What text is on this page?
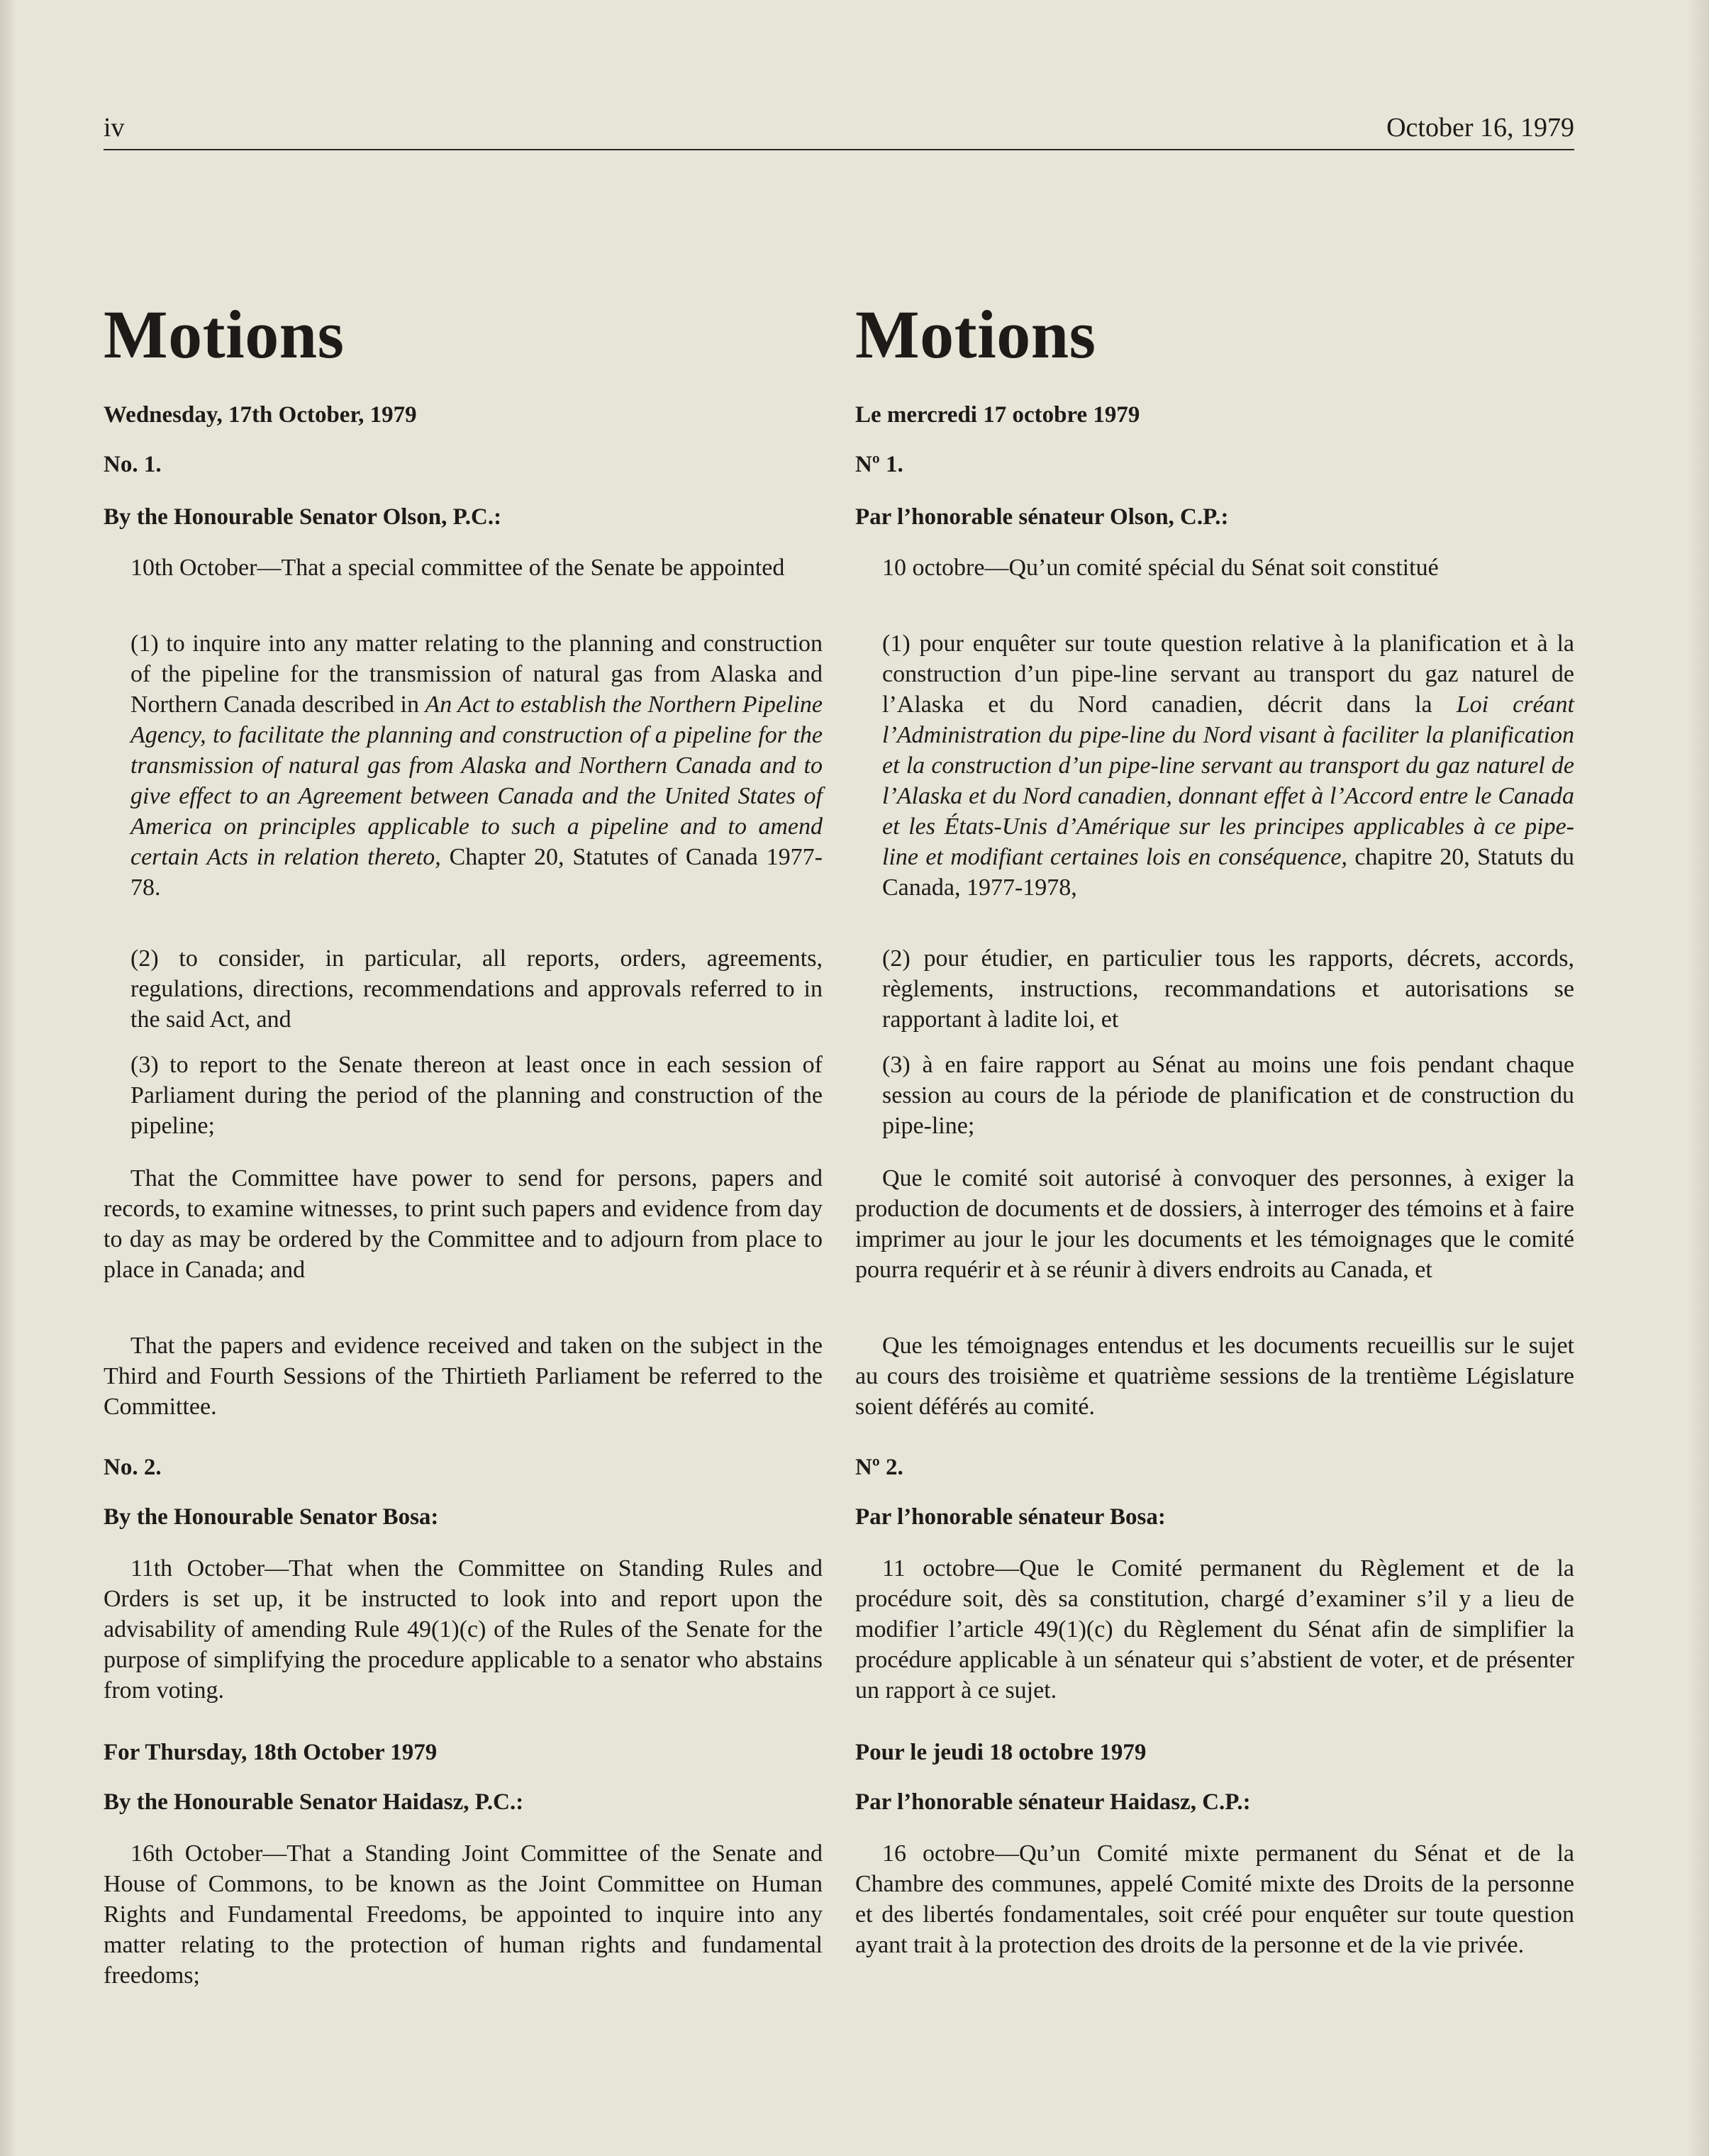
iv	October 16, 1979
Motions
Wednesday, 17th October, 1979
No. 1.
By the Honourable Senator Olson, P.C.:

10th October—That a special committee of the Senate be appointed

(1) to inquire into any matter relating to the planning and construction of the pipeline for the transmission of natural gas from Alaska and Northern Canada described in An Act to establish the Northern Pipeline Agency, to facilitate the planning and construction of a pipeline for the transmission of natural gas from Alaska and Northern Canada and to give effect to an Agreement between Canada and the United States of America on principles applicable to such a pipeline and to amend certain Acts in relation thereto, Chapter 20, Statutes of Canada 1977-78.

(2) to consider, in particular, all reports, orders, agreements, regulations, directions, recommendations and approvals referred to in the said Act, and

(3) to report to the Senate thereon at least once in each session of Parliament during the period of the planning and construction of the pipeline;

That the Committee have power to send for persons, papers and records, to examine witnesses, to print such papers and evidence from day to day as may be ordered by the Committee and to adjourn from place to place in Canada; and

That the papers and evidence received and taken on the subject in the Third and Fourth Sessions of the Thirtieth Parliament be referred to the Committee.

No. 2.
By the Honourable Senator Bosa:

11th October—That when the Committee on Standing Rules and Orders is set up, it be instructed to look into and report upon the advisability of amending Rule 49(1)(c) of the Rules of the Senate for the purpose of simplifying the procedure applicable to a senator who abstains from voting.

For Thursday, 18th October 1979
By the Honourable Senator Haidasz, P.C.:

16th October—That a Standing Joint Committee of the Senate and House of Commons, to be known as the Joint Committee on Human Rights and Fundamental Freedoms, be appointed to inquire into any matter relating to the protection of human rights and fundamental freedoms;

Motions
Le mercredi 17 octobre 1979
Nº 1.
Par l’honorable sénateur Olson, C.P.:

10 octobre—Qu’un comité spécial du Sénat soit constitué

(1) pour enquêter sur toute question relative à la planification et à la construction d’un pipe-line servant au transport du gaz naturel de l’Alaska et du Nord canadien, décrit dans la Loi créant l’Administration du pipe-line du Nord visant à faciliter la planification et la construction d’un pipe-line servant au transport du gaz naturel de l’Alaska et du Nord canadien, donnant effet à l’Accord entre le Canada et les États-Unis d’Amérique sur les principes applicables à ce pipe-line et modifiant certaines lois en conséquence, chapitre 20, Statuts du Canada, 1977-1978,

(2) pour étudier, en particulier tous les rapports, décrets, accords, règlements, instructions, recommandations et autorisations se rapportant à ladite loi, et

(3) à en faire rapport au Sénat au moins une fois pendant chaque session au cours de la période de planification et de construction du pipe-line;

Que le comité soit autorisé à convoquer des personnes, à exiger la production de documents et de dossiers, à interroger des témoins et à faire imprimer au jour le jour les documents et les témoignages que le comité pourra requérir et à se réunir à divers endroits au Canada, et

Que les témoignages entendus et les documents recueillis sur le sujet au cours des troisième et quatrième sessions de la trentième Législature soient déférés au comité.

Nº 2.
Par l’honorable sénateur Bosa:

11 octobre—Que le Comité permanent du Règlement et de la procédure soit, dès sa constitution, chargé d’examiner s’il y a lieu de modifier l’article 49(1)(c) du Règlement du Sénat afin de simplifier la procédure applicable à un sénateur qui s’abstient de voter, et de présenter un rapport à ce sujet.

Pour le jeudi 18 octobre 1979
Par l’honorable sénateur Haidasz, C.P.:

16 octobre—Qu’un Comité mixte permanent du Sénat et de la Chambre des communes, appelé Comité mixte des Droits de la personne et des libertés fondamentales, soit créé pour enquêter sur toute question ayant trait à la protection des droits de la personne et de la vie privée.
